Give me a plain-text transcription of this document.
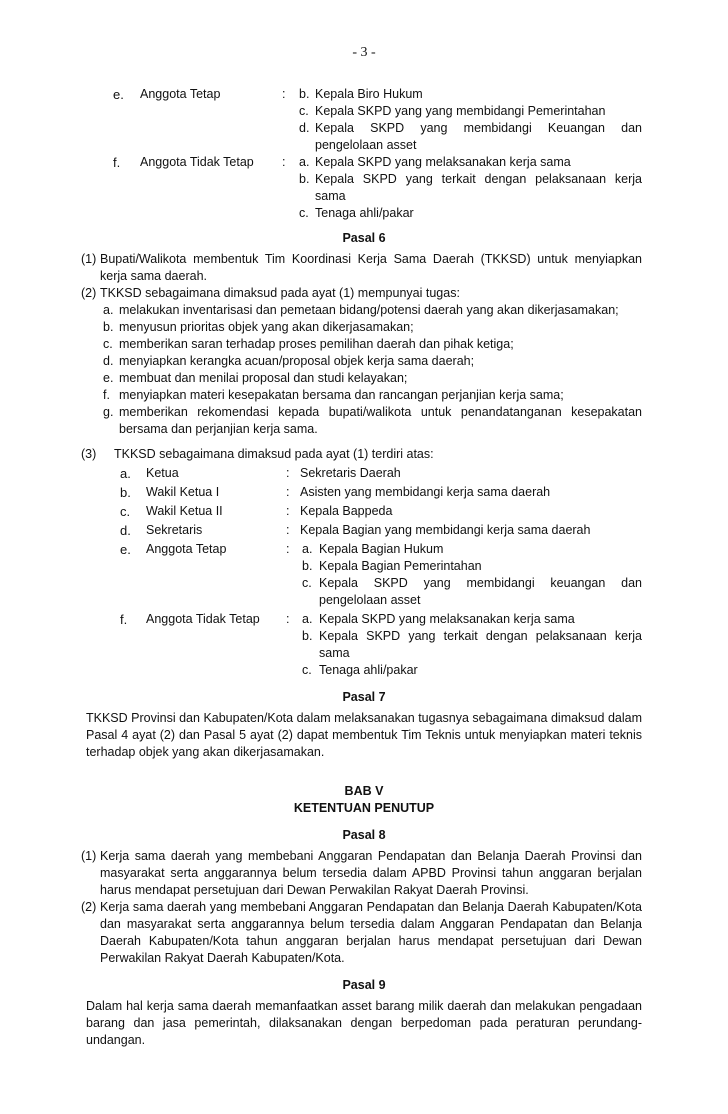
- 3 -
e. Anggota Tetap	: b. Kepala Biro Hukum
c. Kepala SKPD yang yang membidangi Pemerintahan
d. Kepala SKPD yang membidangi Keuangan dan pengelolaan asset
f. Anggota Tidak Tetap : a. Kepala SKPD yang melaksanakan kerja sama
b. Kepala SKPD yang terkait dengan pelaksanaan kerja sama
c. Tenaga ahli/pakar
Pasal 6
(1) Bupati/Walikota membentuk Tim Koordinasi Kerja Sama Daerah (TKKSD) untuk menyiapkan kerja sama daerah.
(2) TKKSD sebagaimana dimaksud pada ayat (1) mempunyai tugas:
a. melakukan inventarisasi dan pemetaan bidang/potensi daerah yang akan dikerjasamakan;
b. menyusun prioritas objek yang akan dikerjasamakan;
c. memberikan saran terhadap proses pemilihan daerah dan pihak ketiga;
d. menyiapkan kerangka acuan/proposal objek kerja sama daerah;
e. membuat dan menilai proposal dan studi kelayakan;
f. menyiapkan materi kesepakatan bersama dan rancangan perjanjian kerja sama;
g. memberikan rekomendasi kepada bupati/walikota untuk penandatanganan kesepakatan bersama dan perjanjian kerja sama.
(3) TKKSD sebagaimana dimaksud pada ayat (1) terdiri atas:
a. Ketua	: Sekretaris Daerah
b. Wakil Ketua I	: Asisten yang membidangi kerja sama daerah
c. Wakil Ketua II	: Kepala Bappeda
d. Sekretaris	: Kepala Bagian yang membidangi kerja sama daerah
e. Anggota Tetap	: a. Kepala Bagian Hukum
b. Kepala Bagian Pemerintahan
c. Kepala SKPD yang membidangi keuangan dan pengelolaan asset
f. Anggota Tidak Tetap : a. Kepala SKPD yang melaksanakan kerja sama
b. Kepala SKPD yang terkait dengan pelaksanaan kerja sama
c. Tenaga ahli/pakar
Pasal 7
TKKSD Provinsi dan Kabupaten/Kota dalam melaksanakan tugasnya sebagaimana dimaksud dalam Pasal 4 ayat (2) dan Pasal 5 ayat (2) dapat membentuk Tim Teknis untuk menyiapkan materi teknis terhadap objek yang akan dikerjasamakan.
BAB V
KETENTUAN PENUTUP
Pasal 8
(1) Kerja sama daerah yang membebani Anggaran Pendapatan dan Belanja Daerah Provinsi dan masyarakat serta anggarannya belum tersedia dalam APBD Provinsi tahun anggaran berjalan harus mendapat persetujuan dari Dewan Perwakilan Rakyat Daerah Provinsi.
(2) Kerja sama daerah yang membebani Anggaran Pendapatan dan Belanja Daerah Kabupaten/Kota dan masyarakat serta anggarannya belum tersedia dalam Anggaran Pendapatan dan Belanja Daerah Kabupaten/Kota tahun anggaran berjalan harus mendapat persetujuan dari Dewan Perwakilan Rakyat Daerah Kabupaten/Kota.
Pasal 9
Dalam hal kerja sama daerah memanfaatkan asset barang milik daerah dan melakukan pengadaan barang dan jasa pemerintah, dilaksanakan dengan berpedoman pada peraturan perundang-undangan.
